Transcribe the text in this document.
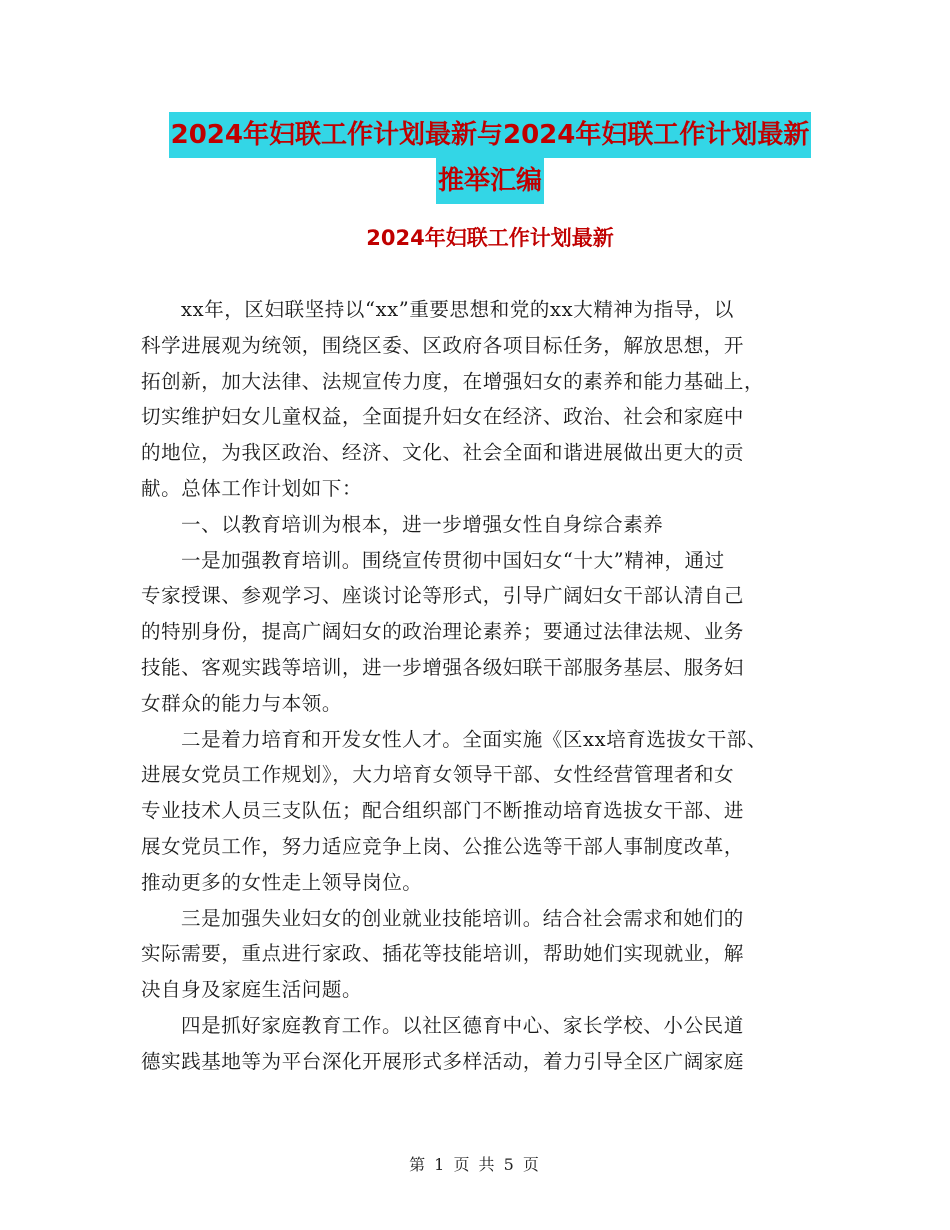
2024年妇联工作计划最新与2024年妇联工作计划最新
推举汇编
2024年妇联工作计划最新

xx年，区妇联坚持以“xx”重要思想和党的xx大精神为指导，以
科学进展观为统领，围绕区委、区政府各项目标任务，解放思想，开
拓创新，加大法律、法规宣传力度，在增强妇女的素养和能力基础上，
切实维护妇女儿童权益，全面提升妇女在经济、政治、社会和家庭中
的地位，为我区政治、经济、文化、社会全面和谐进展做出更大的贡
献。总体工作计划如下：

一、以教育培训为根本，进一步增强女性自身综合素养

一是加强教育培训。围绕宣传贯彻中国妇女“十大”精神，通过
专家授课、参观学习、座谈讨论等形式，引导广阔妇女干部认清自己
的特别身份，提高广阔妇女的政治理论素养；要通过法律法规、业务
技能、客观实践等培训，进一步增强各级妇联干部服务基层、服务妇
女群众的能力与本领。

二是着力培育和开发女性人才。全面实施《区xx培育选拔女干部、
进展女党员工作规划》，大力培育女领导干部、女性经营管理者和女
专业技术人员三支队伍；配合组织部门不断推动培育选拔女干部、进
展女党员工作，努力适应竞争上岗、公推公选等干部人事制度改革，
推动更多的女性走上领导岗位。

三是加强失业妇女的创业就业技能培训。结合社会需求和她们的
实际需要，重点进行家政、插花等技能培训，帮助她们实现就业，解
决自身及家庭生活问题。

四是抓好家庭教育工作。以社区德育中心、家长学校、小公民道
德实践基地等为平台深化开展形式多样活动，着力引导全区广阔家庭

第 1 页 共 5 页
